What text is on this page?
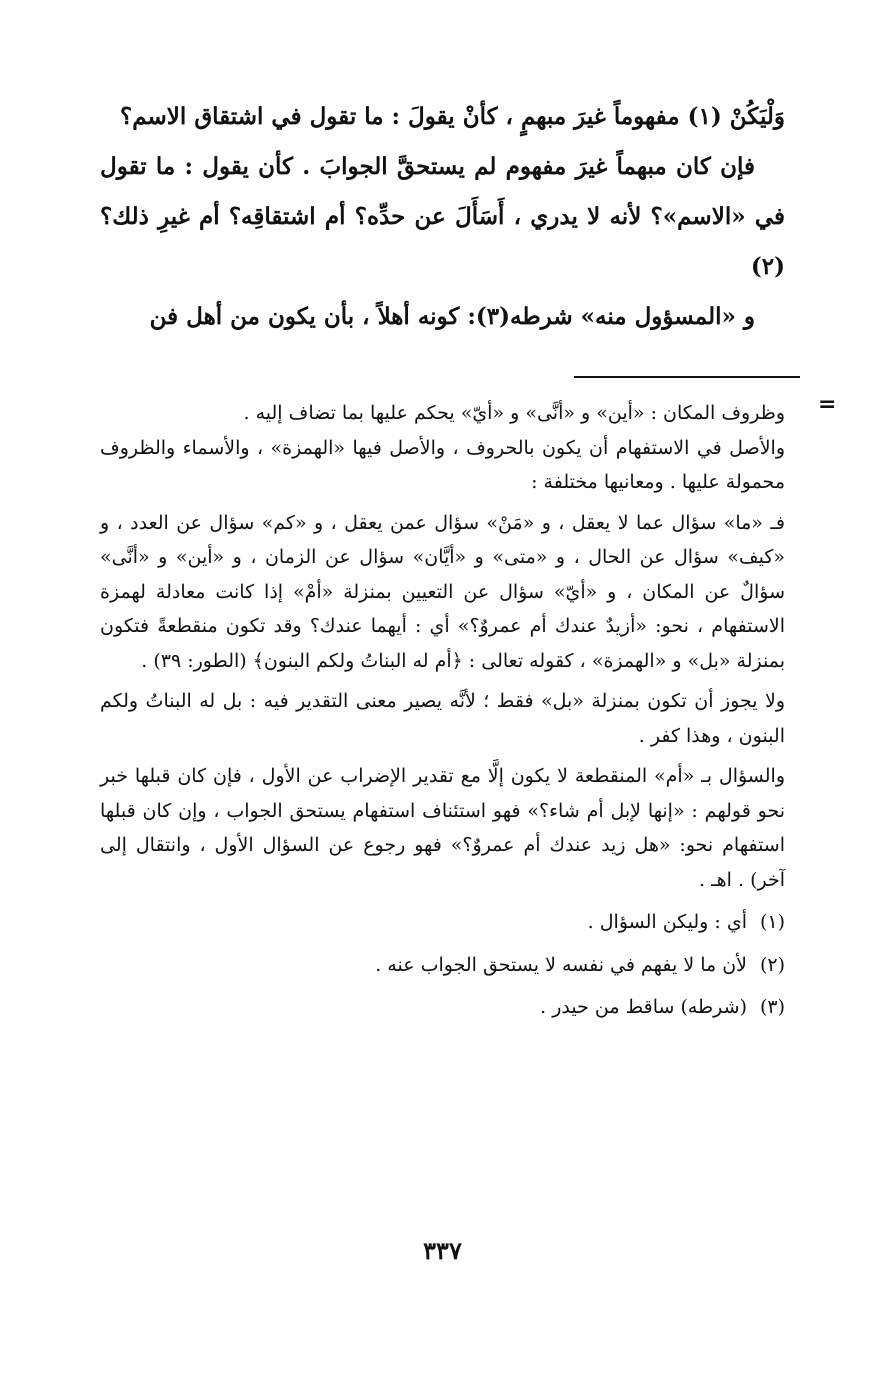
وَلْيَكُنْ (١) مفهوماً غيرَ مبهمٍ ، كأنْ يقولَ : ما تقول في اشتقاق الاسم؟

فإن كان مبهماً غيرَ مفهوم لم يستحقَّ الجوابَ . كأن يقول : ما تقول في «الاسم»؟ لأنه لا يدري ، أَسَأَلَ عن حدِّه؟ أم اشتقاقِه؟ أم غيرِ ذلك؟(٢)

و «المسؤول منه» شرطه(٣): كونه أهلاً ، بأن يكون من أهل فن

=

وظروف المكان : «أين» و «أنَّى» و «أيّ» يحكم عليها بما تضاف إليه .

والأصل في الاستفهام أن يكون بالحروف ، والأصل فيها «الهمزة» ، والأسماء والظروف محمولة عليها . ومعانيها مختلفة :

فـ «ما» سؤال عما لا يعقل ، و «مَنْ» سؤال عمن يعقل ، و «كم» سؤال عن العدد ، و «كيف» سؤال عن الحال ، و «متى» و «أيَّان» سؤال عن الزمان ، و «أين» و «أنَّى» سؤالٌ عن المكان ، و «أيّ» سؤال عن التعيين بمنزلة «أمْ» إذا كانت معادلة لهمزة الاستفهام ، نحو: «أزيدٌ عندك أم عمروٌ؟» أي : أيهما عندك؟ وقد تكون منقطعةً فتكون بمنزلة «بل» و «الهمزة» ، كقوله تعالى : ﴿أم له البناتُ ولكم البنون﴾ (الطور: ٣٩) .

ولا يجوز أن تكون بمنزلة «بل» فقط ؛ لأنَّه يصير معنى التقدير فيه : بل له البناتُ ولكم البنون ، وهذا كفر .

والسؤال بـ «أم» المنقطعة لا يكون إلَّا مع تقدير الإضراب عن الأول ، فإن كان قبلها خبر نحو قولهم : «إنها لإبل أم شاء؟» فهو استئناف استفهام يستحق الجواب ، وإن كان قبلها استفهام نحو: «هل زيد عندك أم عمروٌ؟» فهو رجوع عن السؤال الأول ، وانتقال إلى آخر) . اهـ .

(١)
أي : وليكن السؤال .
(٢)
لأن ما لا يفهم في نفسه لا يستحق الجواب عنه .
(٣)
(شرطه) ساقط من حيدر .
٣٣٧
